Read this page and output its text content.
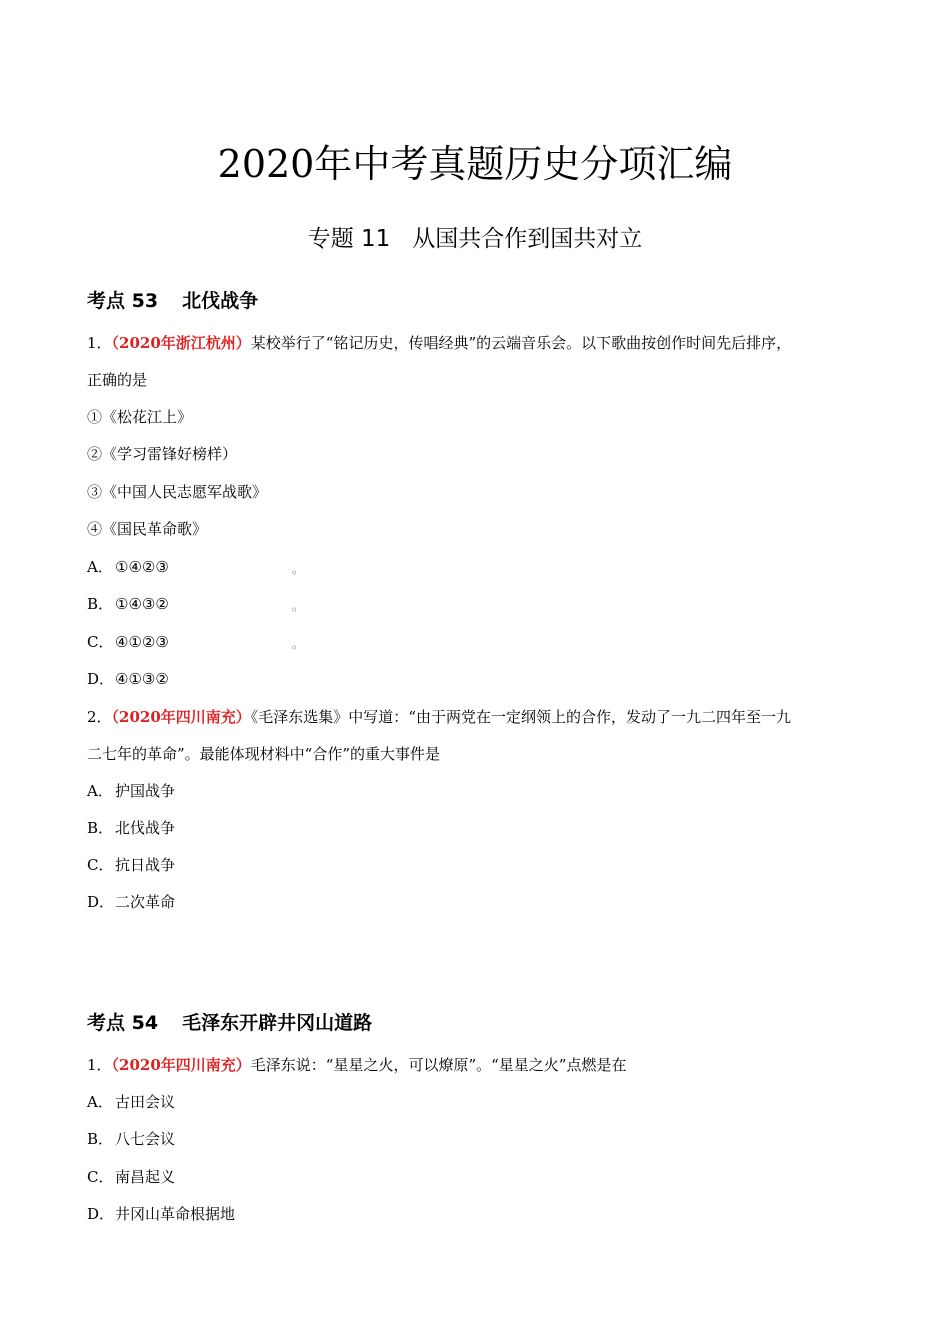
2020年中考真题历史分项汇编
专题 11 从国共合作到国共对立
考点 53 北伐战争
1．（2020年浙江杭州）某校举行了“铭记历史，传唱经典”的云端音乐会。以下歌曲按创作时间先后排序，
正确的是
①《松花江上》
②《学习雷锋好榜样）
③《中国人民志愿军战歌》
④《国民革命歌》
A． ①④②③	。
B． ①④③②	。
C． ④①②③	。
D．④①③②
2．（2020年四川南充）《毛泽东选集》中写道：“由于两党在一定纲领上的合作，发动了一九二四年至一九
二七年的革命”。最能体现材料中“合作”的重大事件是
A． 护国战争
B． 北伐战争
C． 抗日战争
D．二次革命
考点 54 毛泽东开辟井冈山道路
1．（2020年四川南充）毛泽东说：“星星之火，可以燎原”。“星星之火”点燃是在
A． 古田会议
B． 八七会议
C． 南昌起义
D．井冈山革命根据地
